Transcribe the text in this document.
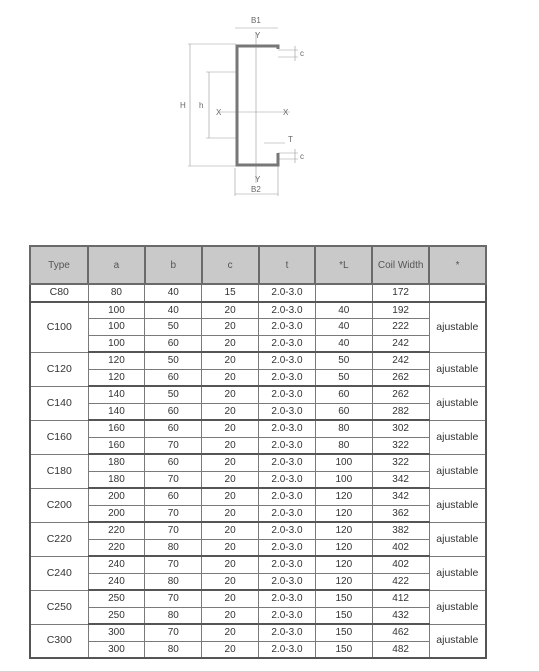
B1
Y
c
H h
X	X
T
c
Y
B2
Type	a	b	c	t	*L	Coil Width	*
C80	80	40	15	2.0-3.0		172	
C100	100	40	20	2.0-3.0	40	192	ajustable
	100	50	20	2.0-3.0	40	222	
	100	60	20	2.0-3.0	40	242	
C120	120	50	20	2.0-3.0	50	242	ajustable
	120	60	20	2.0-3.0	50	262	
C140	140	50	20	2.0-3.0	60	262	ajustable
	140	60	20	2.0-3.0	60	282	
C160	160	60	20	2.0-3.0	80	302	ajustable
	160	70	20	2.0-3.0	80	322	
C180	180	60	20	2.0-3.0	100	322	ajustable
	180	70	20	2.0-3.0	100	342	
C200	200	60	20	2.0-3.0	120	342	ajustable
	200	70	20	2.0-3.0	120	362	
C220	220	70	20	2.0-3.0	120	382	ajustable
	220	80	20	2.0-3.0	120	402	
C240	240	70	20	2.0-3.0	120	402	ajustable
	240	80	20	2.0-3.0	120	422	
C250	250	70	20	2.0-3.0	150	412	ajustable
	250	80	20	2.0-3.0	150	432	
C300	300	70	20	2.0-3.0	150	462	ajustable
	300	80	20	2.0-3.0	150	482	
